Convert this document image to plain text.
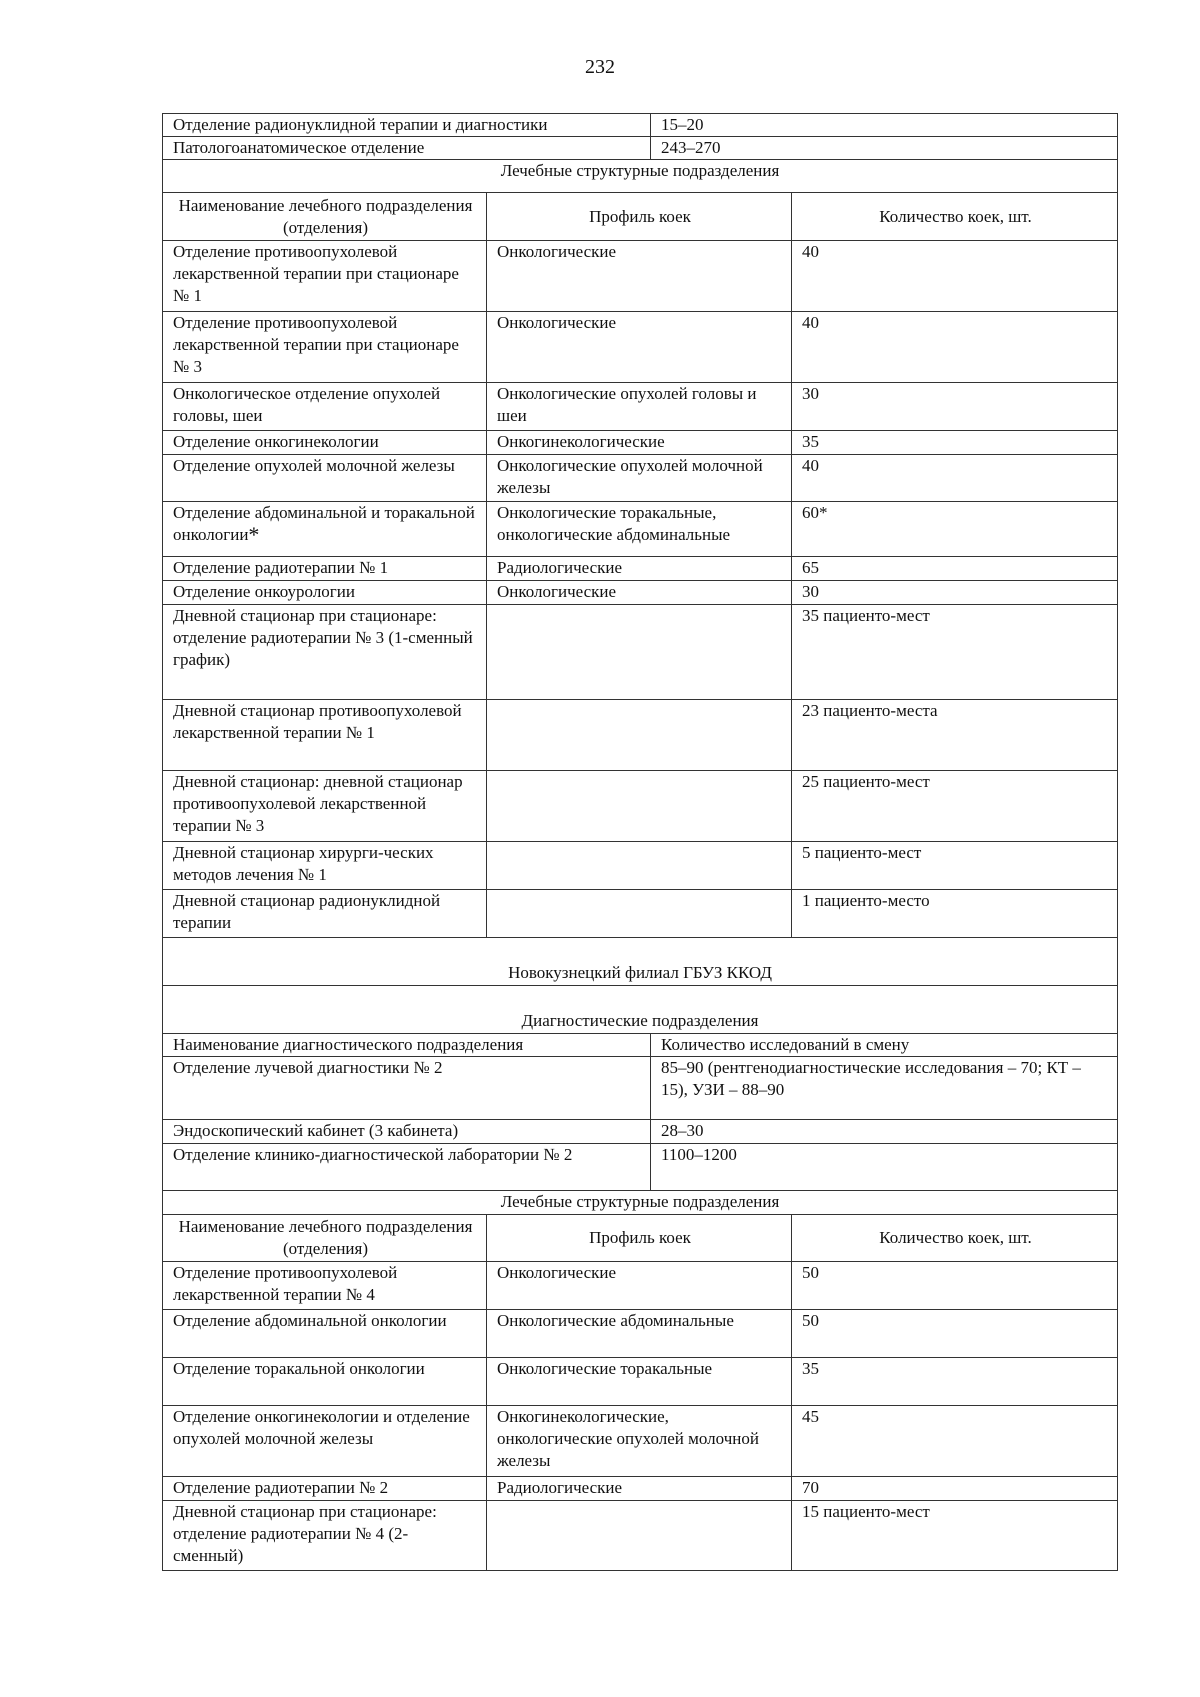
232
Отделение радионуклидной терапии и диагностики		15–20	
Патологоанатомическое отделение		243–270	
Лечебные структурные подразделения			
Наименование лечебного подразделения (отделения)	Профиль коек		Количество коек, шт.
Отделение противоопухолевой лекарственной терапии при стационаре № 1	Онкологические		40
Отделение противоопухолевой лекарственной терапии при стационаре № 3	Онкологические		40
Онкологическое отделение опухолей головы, шеи	Онкологические опухолей головы и шеи		30
Отделение онкогинекологии	Онкогинекологические		35
Отделение опухолей молочной железы	Онкологические опухолей молочной железы		40
Отделение абдоминальной и торакальной онкологии*	Онкологические торакальные, онкологические абдоминальные		60*
Отделение радиотерапии № 1	Радиологические		65
Отделение онкоурологии	Онкологические		30
Дневной стационар при стационаре: отделение радиотерапии № 3 (1-сменный график)			35 пациенто-мест
Дневной стационар противоопухолевой лекарственной терапии № 1			23 пациенто-места
Дневной стационар: дневной стационар противоопухолевой лекарственной терапии № 3			25 пациенто-мест
Дневной стационар хирурги-ческих методов лечения № 1			5 пациенто-мест
Дневной стационар радионуклидной терапии			1 пациенто-место
Новокузнецкий филиал ГБУЗ ККОД			
Диагностические подразделения			
Наименование диагностического подразделения		Количество исследований в смену	
Отделение лучевой диагностики № 2		85–90 (рентгенодиагностические исследования – 70; КТ – 15), УЗИ – 88–90	
Эндоскопический кабинет (3 кабинета)		28–30	
Отделение клинико-диагностической лаборатории № 2		1100–1200	
Лечебные структурные подразделения			
Наименование лечебного подразделения (отделения)	Профиль коек		Количество коек, шт.
Отделение противоопухолевой лекарственной терапии № 4	Онкологические		50
Отделение абдоминальной онкологии	Онкологические абдоминальные		50
Отделение торакальной онкологии	Онкологические торакальные		35
Отделение онкогинекологии и отделение опухолей молочной железы	Онкогинекологические, онкологические опухолей молочной железы		45
Отделение радиотерапии № 2	Радиологические		70
Дневной стационар при стационаре: отделение радиотерапии № 4 (2-сменный)			15 пациенто-мест
